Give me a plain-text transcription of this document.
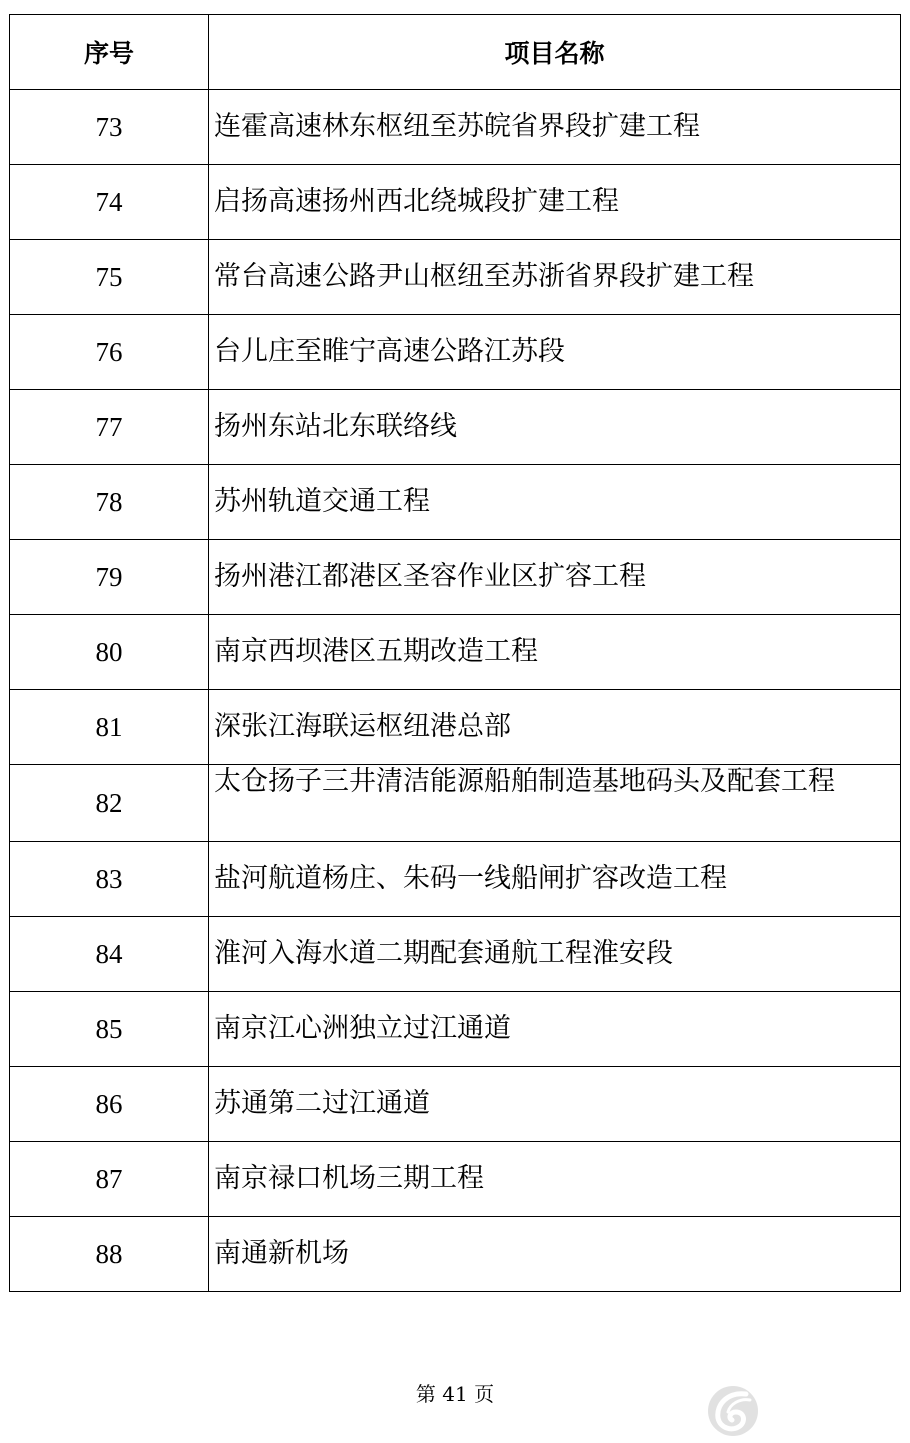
序号	项目名称
73	连霍高速林东枢纽至苏皖省界段扩建工程
74	启扬高速扬州西北绕城段扩建工程
75	常台高速公路尹山枢纽至苏浙省界段扩建工程
76	台儿庄至睢宁高速公路江苏段
77	扬州东站北东联络线
78	苏州轨道交通工程
79	扬州港江都港区圣容作业区扩容工程
80	南京西坝港区五期改造工程
81	深张江海联运枢纽港总部
82	太仓扬子三井清洁能源船舶制造基地码头及配套工程
83	盐河航道杨庄、朱码一线船闸扩容改造工程
84	淮河入海水道二期配套通航工程淮安段
85	南京江心洲独立过江通道
86	苏通第二过江通道
87	南京禄口机场三期工程
88	南通新机场
第 41 页
